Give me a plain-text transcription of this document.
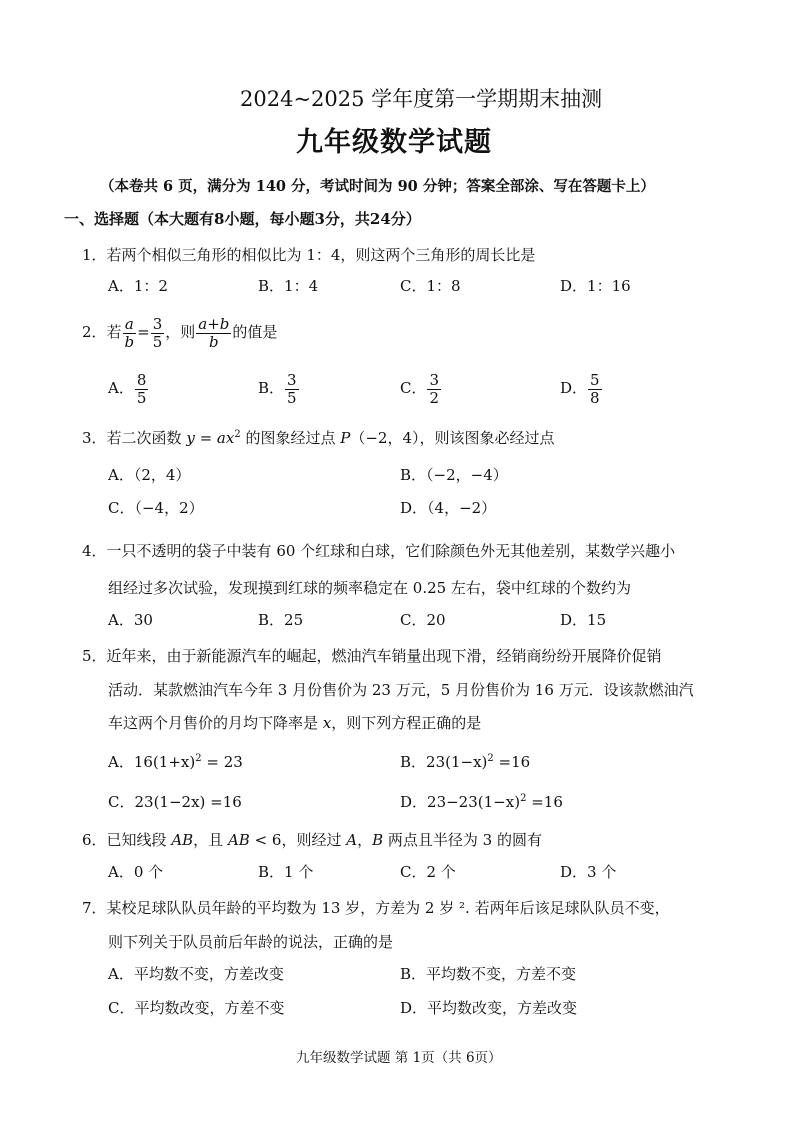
2024~2025 学年度第一学期期末抽测
九年级数学试题
（本卷共 6 页，满分为 140 分，考试时间为 90 分钟；答案全部涂、写在答题卡上）
一、选择题（本大题有8小题，每小题3分，共24分）
1．若两个相似三角形的相似比为 1：4，则这两个三角形的周长比是
A．1：2	B．1：4	C．1：8	D．1：16
2．若 $\frac{a}{b} = \frac{3}{5}$ ，则 $\frac{a+b}{b}$ 的值是
A． $\frac{8}{5}$	B． $\frac{3}{5}$	C． $\frac{3}{2}$	D． $\frac{5}{8}$
3．若二次函数 $y = ax^2$ 的图象经过点 P（−2，4），则该图象必经过点
A．（2，4）	B．（−2，−4）
C．（−4，2）	D．（4，−2）
4．一只不透明的袋子中装有 60 个红球和白球，它们除颜色外无其他差别，某数学兴趣小
组经过多次试验，发现摸到红球的频率稳定在 0.25 左右，袋中红球的个数约为
A．30	B．25	C．20	D．15
5．近年来，由于新能源汽车的崛起，燃油汽车销量出现下滑，经销商纷纷开展降价促销
活动．某款燃油汽车今年 3 月份售价为 23 万元，5 月份售价为 16 万元．设该款燃油汽
车这两个月售价的月均下降率是 x，则下列方程正确的是
A．$16(1+x)^2 = 23$	B．$23(1-x)^2 =16$
C．23(1−2x) =16	D．$23-23(1-x)^2 =16$
6．已知线段 AB，且 AB < 6，则经过 A，B 两点且半径为 3 的圆有
A．0 个	B．1 个	C．2 个	D．3 个
7．某校足球队队员年龄的平均数为 13 岁，方差为 2 岁 ². 若两年后该足球队队员不变，
则下列关于队员前后年龄的说法，正确的是
A．平均数不变，方差改变	B．平均数不变，方差不变
C．平均数改变，方差不变	D．平均数改变，方差改变
九年级数学试题 第 1页（共 6页）
